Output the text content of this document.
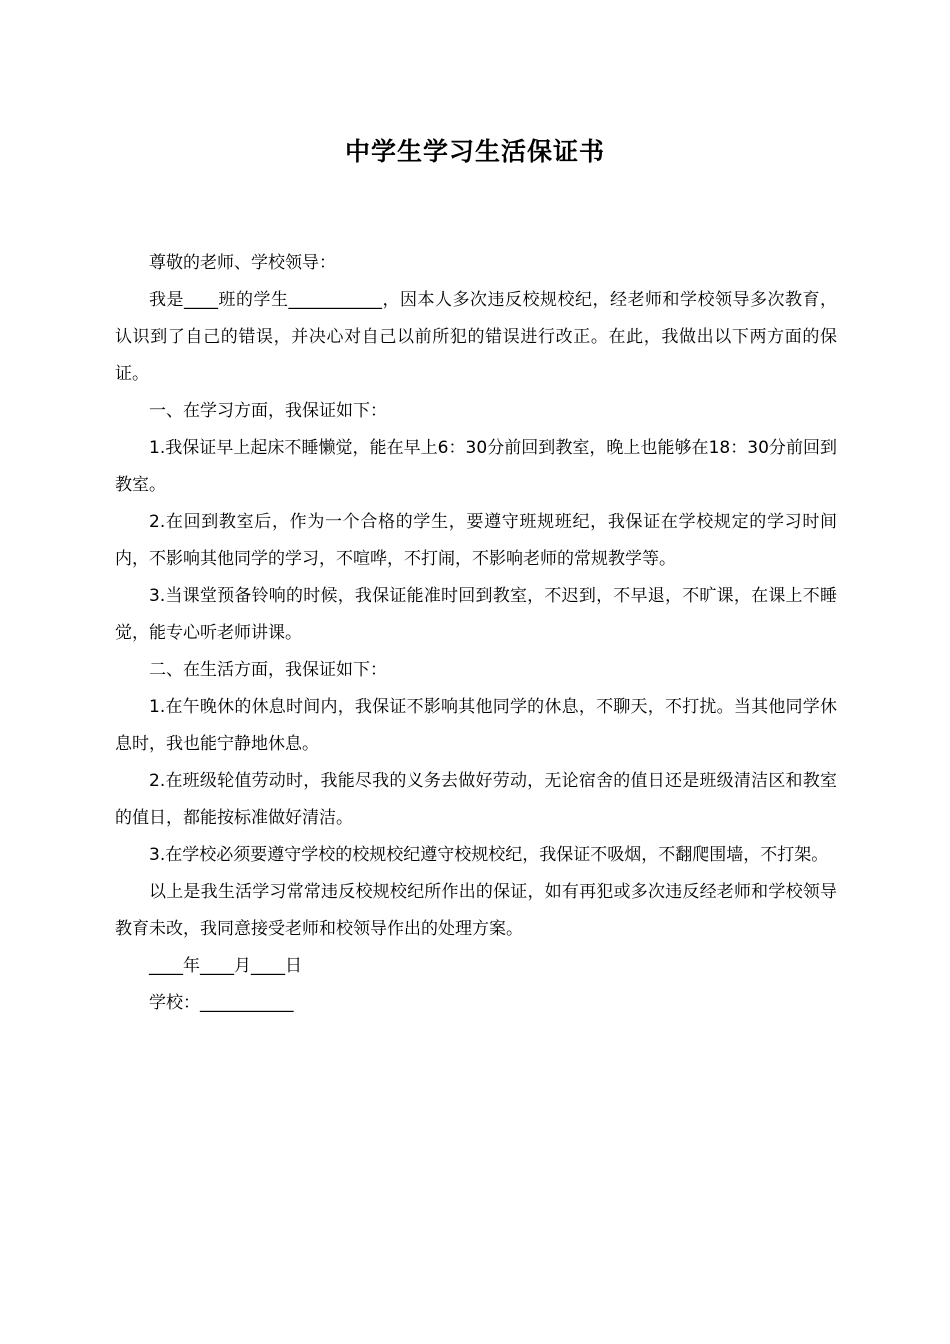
中学生学习生活保证书

尊敬的老师、学校领导：

我是____班的学生___________，因本人多次违反校规校纪，经老师和学校领导多次教育，认识到了自己的错误，并决心对自己以前所犯的错误进行改正。在此，我做出以下两方面的保证。

一、在学习方面，我保证如下：

1.我保证早上起床不睡懒觉，能在早上6：30分前回到教室，晚上也能够在18：30分前回到教室。

2.在回到教室后，作为一个合格的学生，要遵守班规班纪，我保证在学校规定的学习时间内，不影响其他同学的学习，不喧哗，不打闹，不影响老师的常规教学等。

3.当课堂预备铃响的时候，我保证能准时回到教室，不迟到，不早退，不旷课，在课上不睡觉，能专心听老师讲课。

二、在生活方面，我保证如下：

1.在午晚休的休息时间内，我保证不影响其他同学的休息，不聊天，不打扰。当其他同学休息时，我也能宁静地休息。

2.在班级轮值劳动时，我能尽我的义务去做好劳动，无论宿舍的值日还是班级清洁区和教室的值日，都能按标准做好清洁。

3.在学校必须要遵守学校的校规校纪遵守校规校纪，我保证不吸烟，不翻爬围墙，不打架。

以上是我生活学习常常违反校规校纪所作出的保证，如有再犯或多次违反经老师和学校领导教育未改，我同意接受老师和校领导作出的处理方案。

____年____月____日

学校：___________
